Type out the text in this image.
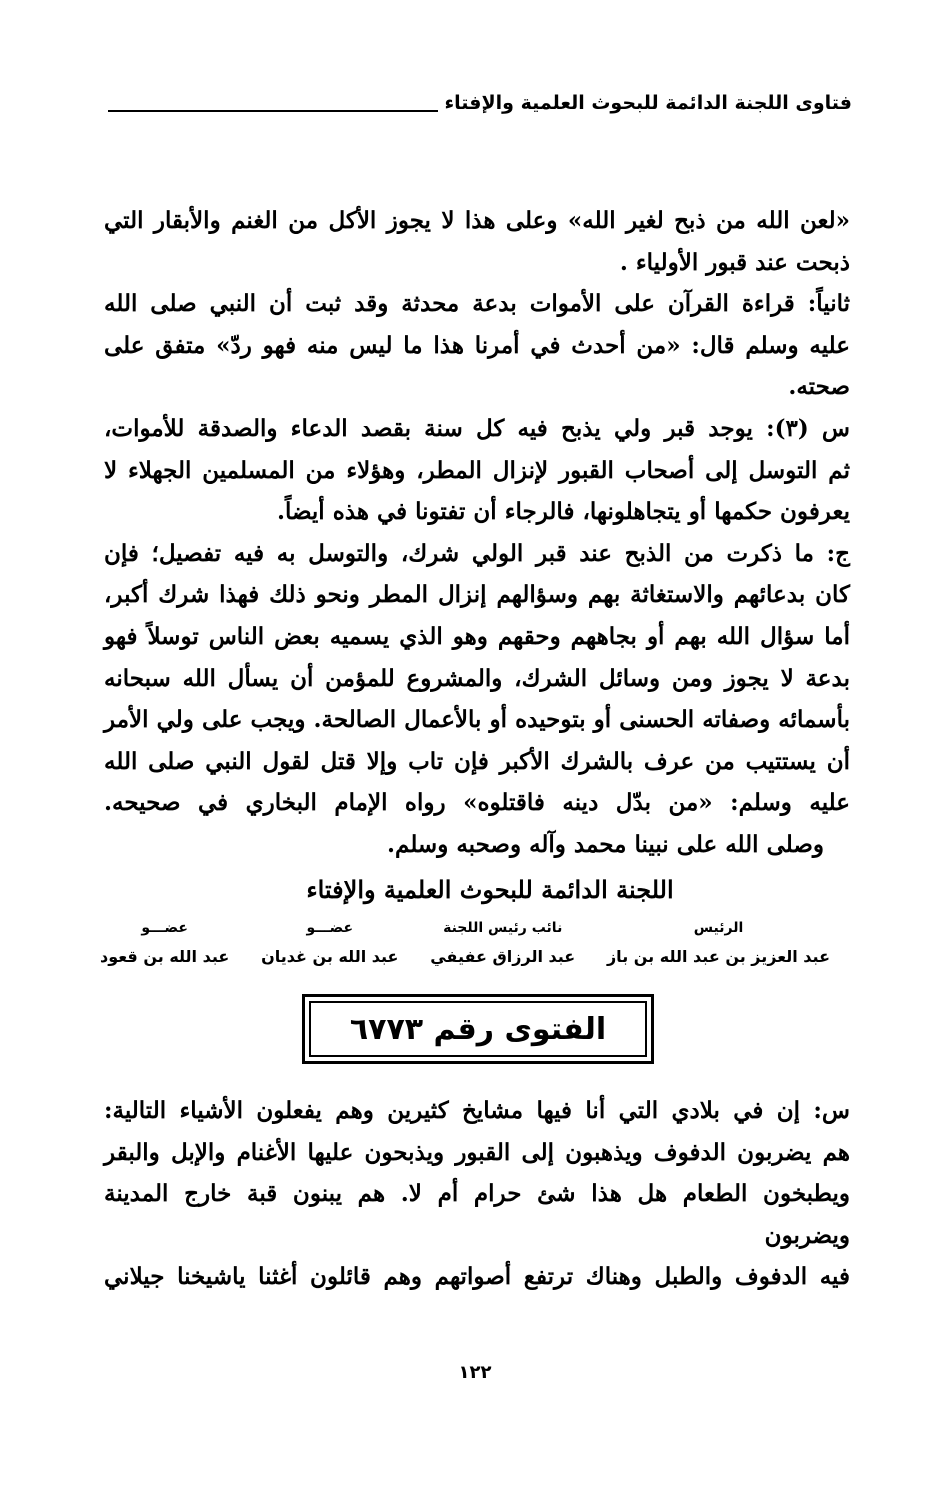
فتاوى اللجنة الدائمة للبحوث العلمية والإفتاء

«لعن الله من ذبح لغير الله» وعلى هذا لا يجوز الأكل من الغنم والأبقار التي

ذبحت عند قبور الأولياء .

ثانياً: قراءة القرآن على الأموات بدعة محدثة وقد ثبت أن النبي صلى الله

عليه وسلم قال: «من أحدث في أمرنا هذا ما ليس منه فهو ردّ» متفق على

صحته.

س (٣): يوجد قبر ولي يذبح فيه كل سنة بقصد الدعاء والصدقة للأموات،

ثم التوسل إلى أصحاب القبور لإنزال المطر، وهؤلاء من المسلمين الجهلاء لا

يعرفون حكمها أو يتجاهلونها، فالرجاء أن تفتونا في هذه أيضاً.

ج: ما ذكرت من الذبح عند قبر الولي شرك، والتوسل به فيه تفصيل؛ فإن

كان بدعائهم والاستغاثة بهم وسؤالهم إنزال المطر ونحو ذلك فهذا شرك أكبر،

أما سؤال الله بهم أو بجاههم وحقهم وهو الذي يسميه بعض الناس توسلاً فهو

بدعة لا يجوز ومن وسائل الشرك، والمشروع للمؤمن أن يسأل الله سبحانه

بأسمائه وصفاته الحسنى أو بتوحيده أو بالأعمال الصالحة. ويجب على ولي الأمر

أن يستتيب من عرف بالشرك الأكبر فإن تاب وإلا قتل لقول النبي صلى الله

عليه وسلم: «من بدّل دينه فاقتلوه» رواه الإمام البخاري في صحيحه.

وصلى الله على نبينا محمد وآله وصحبه وسلم.

اللجنة الدائمة للبحوث العلمية والإفتاء
الرئيس
عبد العزيز بن عبد الله بن باز
نائب رئيس اللجنة
عبد الرزاق عفيفي
عضـــو
عبد الله بن غديان
عضـــو
عبد الله بن قعود
الفتوى رقم ٦٧٧٣

س: إن في بلادي التي أنا فيها مشايخ كثيرين وهم يفعلون الأشياء التالية:

هم يضربون الدفوف ويذهبون إلى القبور ويذبحون عليها الأغنام والإبل والبقر

ويطبخون الطعام هل هذا شئ حرام أم لا. هم يبنون قبة خارج المدينة ويضربون

فيه الدفوف والطبل وهناك ترتفع أصواتهم وهم قائلون أغثنا ياشيخنا جيلاني

١٢٢
